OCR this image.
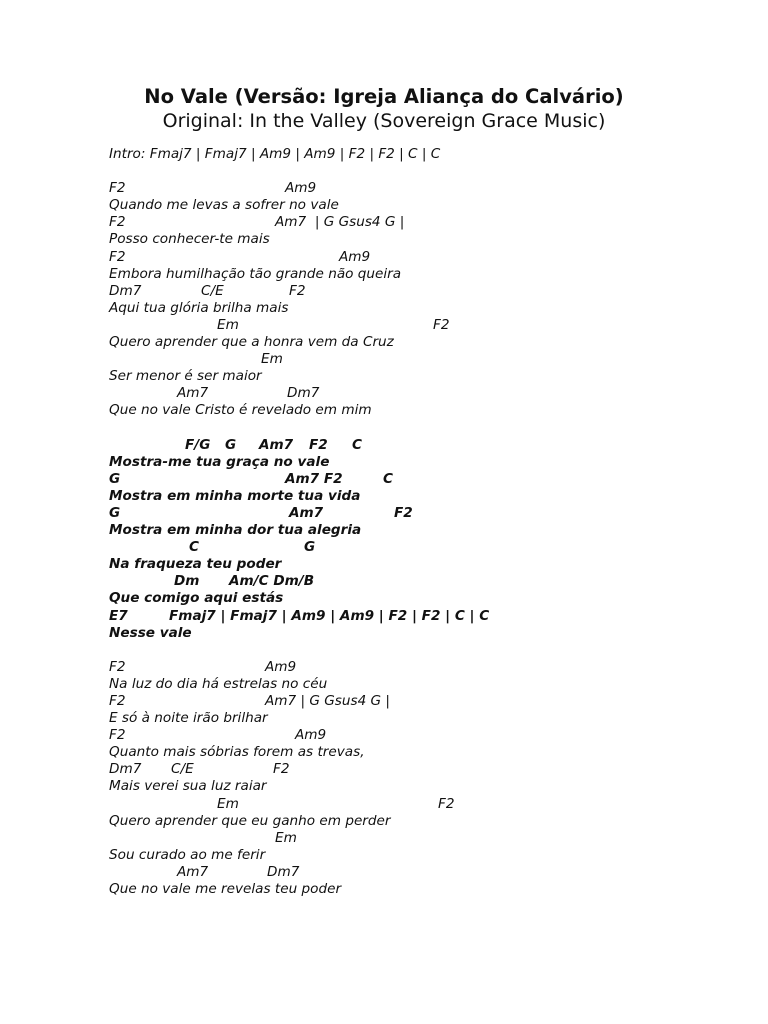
No Vale (Versão: Igreja Aliança do Calvário)
Original: In the Valley (Sovereign Grace Music)
Intro: Fmaj7 | Fmaj7 | Am9 | Am9 | F2 | F2 | C | C

F2

	Am9

Quando me levas a sofrer no vale

F2

	Am7  | G Gsus4 G |

Posso conhecer-te mais

F2

	Am9

Embora humilhação tão grande não queira

Dm7

	C/E

	F2

Aqui tua glória brilha mais

Em

	F2

Quero aprender que a honra vem da Cruz

Em

Ser menor é ser maior

Am7

	Dm7

Que no vale Cristo é revelado em mim

F/G

G

Am7

F2

C

Mostra-me tua graça no vale

G

	Am7 F2

	C

Mostra em minha morte tua vida

G

	Am7

	F2

Mostra em minha dor tua alegria

C

	G

Na fraqueza teu poder

Dm

Am/C Dm/B

Que comigo aqui estás

E7

	Fmaj7 | Fmaj7 | Am9 | Am9 | F2 | F2 | C | C

Nesse vale

F2

	Am9

Na luz do dia há estrelas no céu

F2

	Am7 | G Gsus4 G |

E só à noite irão brilhar

F2

	Am9

Quanto mais sóbrias forem as trevas,

Dm7

C/E

	F2

Mais verei sua luz raiar

Em

	F2

Quero aprender que eu ganho em perder

Em

Sou curado ao me ferir

Am7

	Dm7

Que no vale me revelas teu poder
